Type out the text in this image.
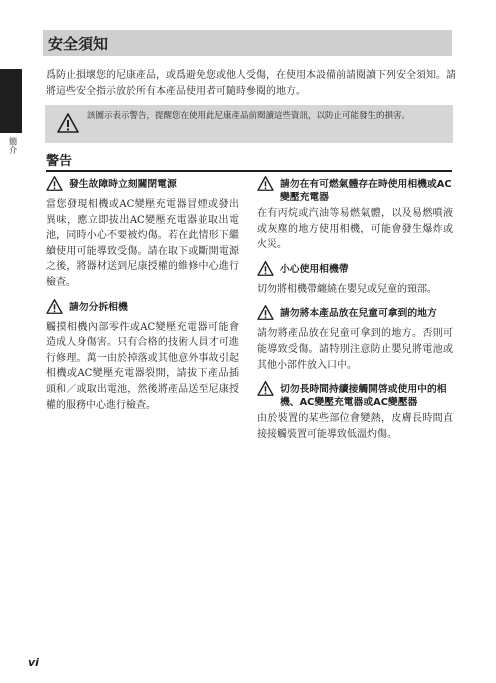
安全須知
簡介
爲防止損壞您的尼康產品，或爲避免您或他人受傷，在使用本設備前請閱讀下列安全須知。請將這些安全指示放於所有本產品使用者可隨時參閱的地方。
該圖示表示警告，提醒您在使用此尼康產品前閱讀這些資訊，以防止可能發生的損害。
警告
發生故障時立刻關閉電源
當您發現相機或AC變壓充電器冒煙或發出異味，應立即拔出AC變壓充電器並取出電池，同時小心不要被灼傷。若在此情形下繼續使用可能導致受傷。請在取下或斷開電源之後，將器材送到尼康授權的維修中心進行檢查。
請勿分拆相機
觸摸相機內部零件或AC變壓充電器可能會造成人身傷害。只有合格的技術人員才可進行修理。萬一由於掉落或其他意外事故引起相機或AC變壓充電器裂開，請拔下產品插頭和／或取出電池，然後將產品送至尼康授權的服務中心進行檢查。
請勿在有可燃氣體存在時使用相機或AC變壓充電器
在有丙烷或汽油等易燃氣體，以及易燃噴液或灰塵的地方使用相機，可能會發生爆炸或火災。
小心使用相機帶
切勿將相機帶纏繞在嬰兒或兒童的頸部。
請勿將本產品放在兒童可拿到的地方
請勿將產品放在兒童可拿到的地方。否則可能導致受傷。請特別注意防止嬰兒將電池或其他小部件放入口中。
切勿長時間持續接觸開啓或使用中的相機、AC變壓充電器或AC變壓器
由於裝置的某些部位會變熱，皮膚長時間直接接觸裝置可能導致低溫灼傷。
vi
